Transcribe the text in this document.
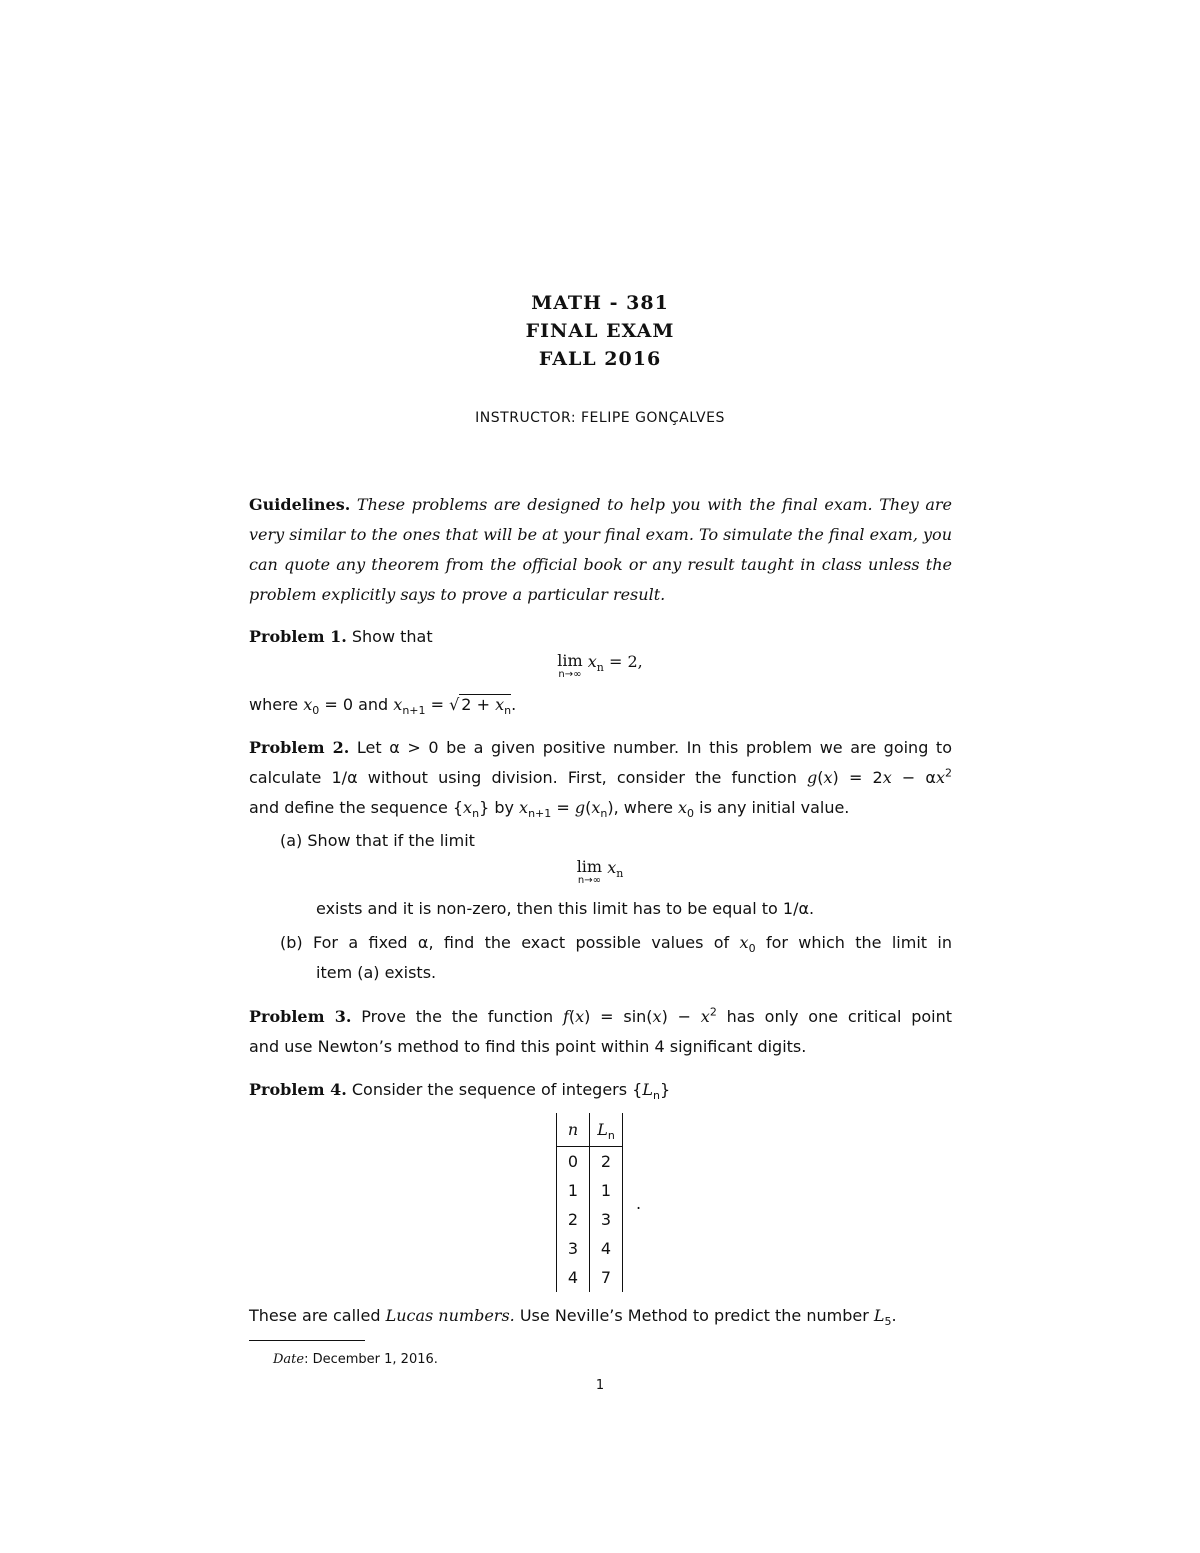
MATH - 381
FINAL EXAM
FALL 2016
INSTRUCTOR: FELIPE GONÇALVES
Guidelines. These problems are designed to help you with the final exam. They are very similar to the ones that will be at your final exam. To simulate the final exam, you can quote any theorem from the official book or any result taught in class unless the problem explicitly says to prove a particular result.
Problem 1. Show that
lim
n→∞
$x_n = 2$,
where $x_0 = 0$ and $x_{n+1}$ = √ $2 + x_n$.
Problem 2. Let α > 0 be a given positive number. In this problem we are going to
calculate 1/α without using division. First, consider the function $g(x) = 2x - \alpha x^2$
and define the sequence $\{x_n\}$ by $x_{n+1} = g(x_n)$, where $x_0$ is any initial value.
(a) Show that if the limit
lim
n→∞
$x_n$
exists and it is non-zero, then this limit has to be equal to 1/α.
(b) For a fixed α, find the exact possible values of $x_0$ for which the limit in
item (a) exists.
Problem 3. Prove the the function $f(x) = \sin(x) - x^2$ has only one critical point
and use Newton’s method to find this point within 4 significant digits.
Problem 4. Consider the sequence of integers $\{L_n\}$
n	$L_n$
0	2
1	1
2	3
3	4
4	7
.
These are called Lucas numbers. Use Neville’s Method to predict the number $L_5$.
Date: December 1, 2016.
1
